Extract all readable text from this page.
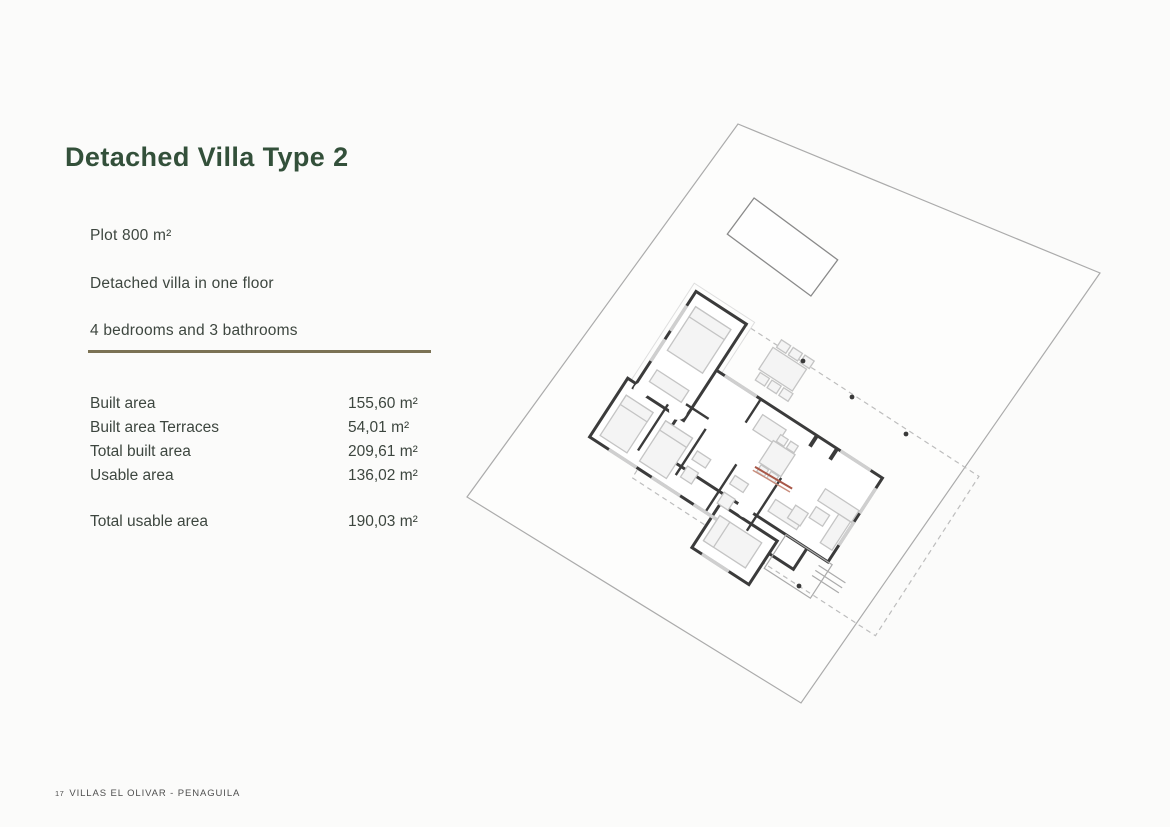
Detached Villa Type 2
Plot 800 m²
Detached villa in one floor
4 bedrooms and 3 bathrooms
Built area	155,60 m²
Built area Terraces	54,01 m²
Total built area	209,61 m²
Usable area	136,02 m²
Total usable area	190,03 m²
17 VILLAS EL OLIVAR - PENAGUILA
